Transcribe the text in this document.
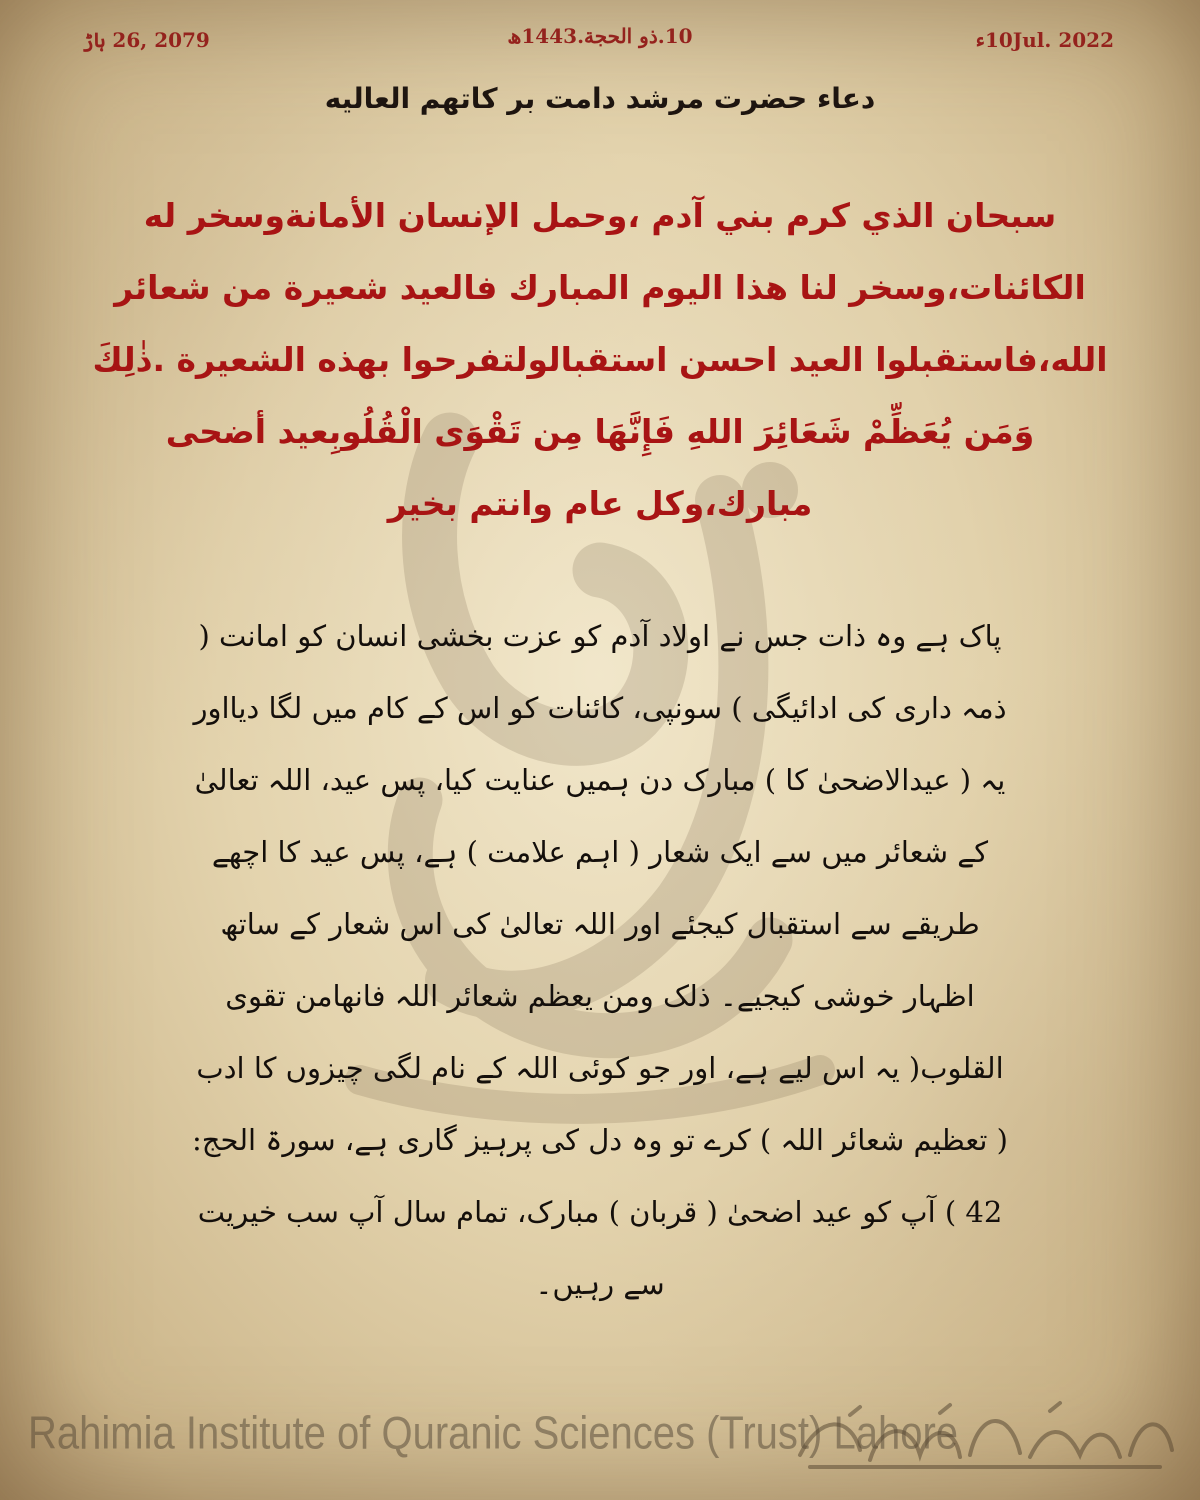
2079 ,26 ہاڑ	10.ذو الحجة.1443ھ	10Jul. 2022ء
دعاء حضرت مرشد دامت بر کاتهم العالیه
سبحان الذي كرم بني آدم ،وحمل الإنسان الأمانةوسخر له الكائنات،وسخر لنا هذا اليوم المبارك فالعيد شعيرة من شعائر الله،فاستقبلوا العيد احسن استقبالولتفرحوا بهذه الشعيرة .ذٰلِكَ وَمَن يُعَظِّمْ شَعَائِرَ اللهِ فَإِنَّهَا مِن تَقْوَى الْقُلُوبِعيد أضحى مبارك،وكل عام وانتم بخير
پاک ہے وہ ذات جس نے اولاد آدم کو عزت بخشی انسان کو امانت ( ذمہ داری کی ادائیگی ) سونپی، کائنات کو اس کے کام میں لگا دیااور یہ ( عیدالاضحیٰ کا ) مبارک دن ہمیں عنایت کیا، پس عید، اللہ تعالیٰ کے شعائر میں سے ایک شعار ( اہم علامت ) ہے، پس عید کا اچھے طریقے سے استقبال کیجئے اور اللہ تعالیٰ کی اس شعار کے ساتھ اظہار خوشی کیجیے۔ ذلک ومن یعظم شعائر اللہ فانھامن تقوی القلوب( یہ اس لیے ہے، اور جو کوئی اللہ کے نام لگی چیزوں کا ادب ( تعظیم شعائر اللہ ) کرے تو وہ دل کی پرہیز گاری ہے، سورۃ الحج: 42 ) آپ کو عید اضحیٰ ( قربان ) مبارک، تمام سال آپ سب خیریت سے رہیں۔
Rahimia Institute of Quranic Sciences (Trust) Lahore
